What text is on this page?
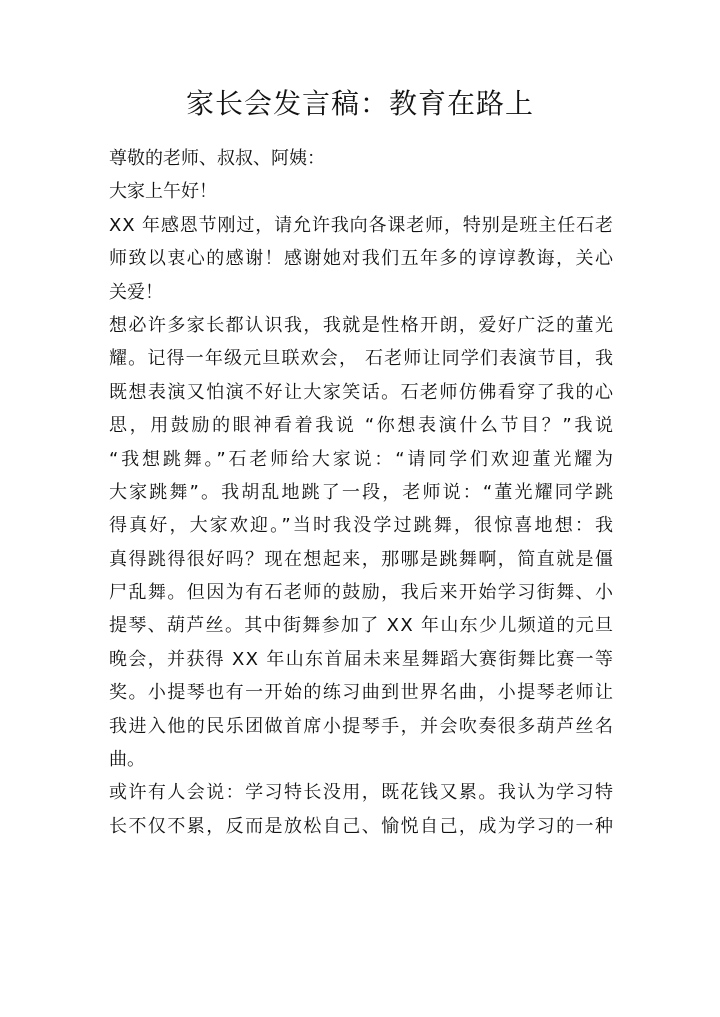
家长会发言稿：教育在路上
尊敬的老师、叔叔、阿姨：
大家上午好！
XX 年感恩节刚过，请允许我向各课老师，特别是班主任石老
师致以衷心的感谢！感谢她对我们五年多的谆谆教诲，关心
关爱！
想必许多家长都认识我，我就是性格开朗，爱好广泛的董光
耀。记得一年级元旦联欢会， 石老师让同学们表演节目，我
既想表演又怕演不好让大家笑话。石老师仿佛看穿了我的心
思，用鼓励的眼神看着我说 “你想表演什么节目？”我说
“我想跳舞。”石老师给大家说：“请同学们欢迎董光耀为
大家跳舞”。我胡乱地跳了一段，老师说：“董光耀同学跳
得真好，大家欢迎。”当时我没学过跳舞，很惊喜地想：我
真得跳得很好吗？现在想起来，那哪是跳舞啊，简直就是僵
尸乱舞。但因为有石老师的鼓励，我后来开始学习街舞、小
提琴、葫芦丝。其中街舞参加了 XX 年山东少儿频道的元旦
晚会，并获得 XX 年山东首届未来星舞蹈大赛街舞比赛一等
奖。小提琴也有一开始的练习曲到世界名曲，小提琴老师让
我进入他的民乐团做首席小提琴手，并会吹奏很多葫芦丝名
曲。
或许有人会说：学习特长没用，既花钱又累。我认为学习特
长不仅不累，反而是放松自己、愉悦自己，成为学习的一种
